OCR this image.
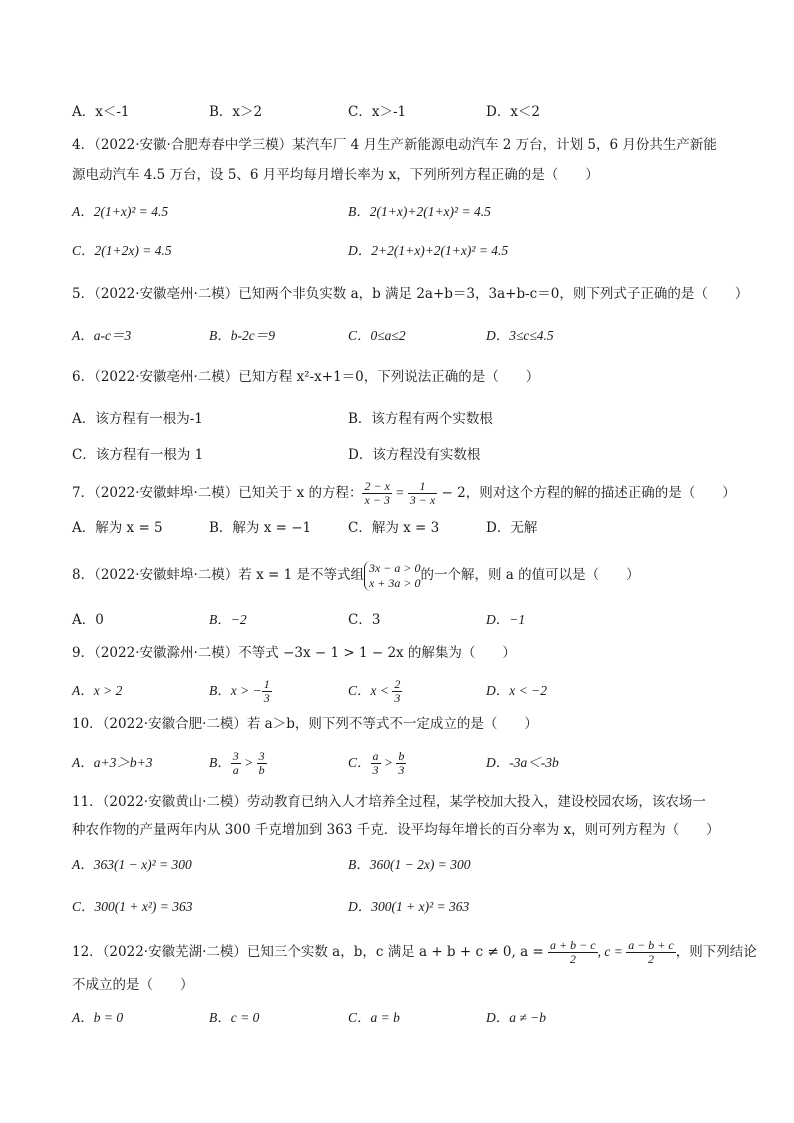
A．x＜-1	B．x＞2	C．x＞-1	D．x＜2
4．（2022·安徽·合肥寿春中学三模）某汽车厂 4 月生产新能源电动汽车 2 万台，计划 5，6 月份共生产新能
源电动汽车 4.5 万台，设 5、6 月平均每月增长率为 x，下列所列方程正确的是（　　）
A．2(1+x)² = 4.5	B．2(1+x)+2(1+x)² = 4.5
C．2(1+2x) = 4.5	D．2+2(1+x)+2(1+x)² = 4.5
5．（2022·安徽亳州·二模）已知两个非负实数 a，b 满足 2a+b＝3，3a+b-c＝0，则下列式子正确的是（　　）
A．a-c＝3	B．b-2c＝9	C．0≤a≤2	D．3≤c≤4.5
6．（2022·安徽亳州·二模）已知方程 x²-x+1＝0，下列说法正确的是（　　）
A．该方程有一根为-1	B．该方程有两个实数根
C．该方程有一根为 1	D．该方程没有实数根
7．（2022·安徽蚌埠·二模）已知关于 x 的方程： $\frac{2 - x}{x - 3} = \frac{1}{3 - x} - 2$，则对这个方程的解的描述正确的是（　　）
A．解为 x = 5	B．解为 x = −1	C．解为 x = 3	D．无解
8．（2022·安徽蚌埠·二模）若 x = 1 是不等式组 3x − a > 0
x + 3a > 0 的一个解，则 a 的值可以是（　　）
A．0	B．−2	C．3	D．−1
9．（2022·安徽滁州·二模）不等式 −3x − 1 > 1 − 2x 的解集为（　　）
A．x > 2	B．x > − $\frac{1}{3}$	C．$x < \frac{2}{3}$	D．x < −2
10．（2022·安徽合肥·二模）若 a＞b，则下列不等式不一定成立的是（　　）
A．a+3＞b+3	B． $\frac{3}{a} > \frac{3}{b}$	C． $\frac{a}{3} > \frac{b}{3}$	D．-3a＜-3b
11．（2022·安徽黄山·二模）劳动教育已纳入人才培养全过程，某学校加大投入，建设校园农场，该农场一
种农作物的产量两年内从 300 千克增加到 363 千克．设平均每年增长的百分率为 x，则可列方程为（　　）
A．363(1 − x)² = 300	B．360(1 − 2x) = 300
C．300(1 + x²) = 363	D．300(1 + x)² = 363
12．（2022·安徽芜湖·二模）已知三个实数 a，b，c 满足 a + b + c ≠ 0, $a = \frac{a + b - c}{2}$ , $c = \frac{a - b + c}{2}$ ，则下列结论
不成立的是（　　）
A．b = 0	B．c = 0	C．a = b	D．a ≠ −b
